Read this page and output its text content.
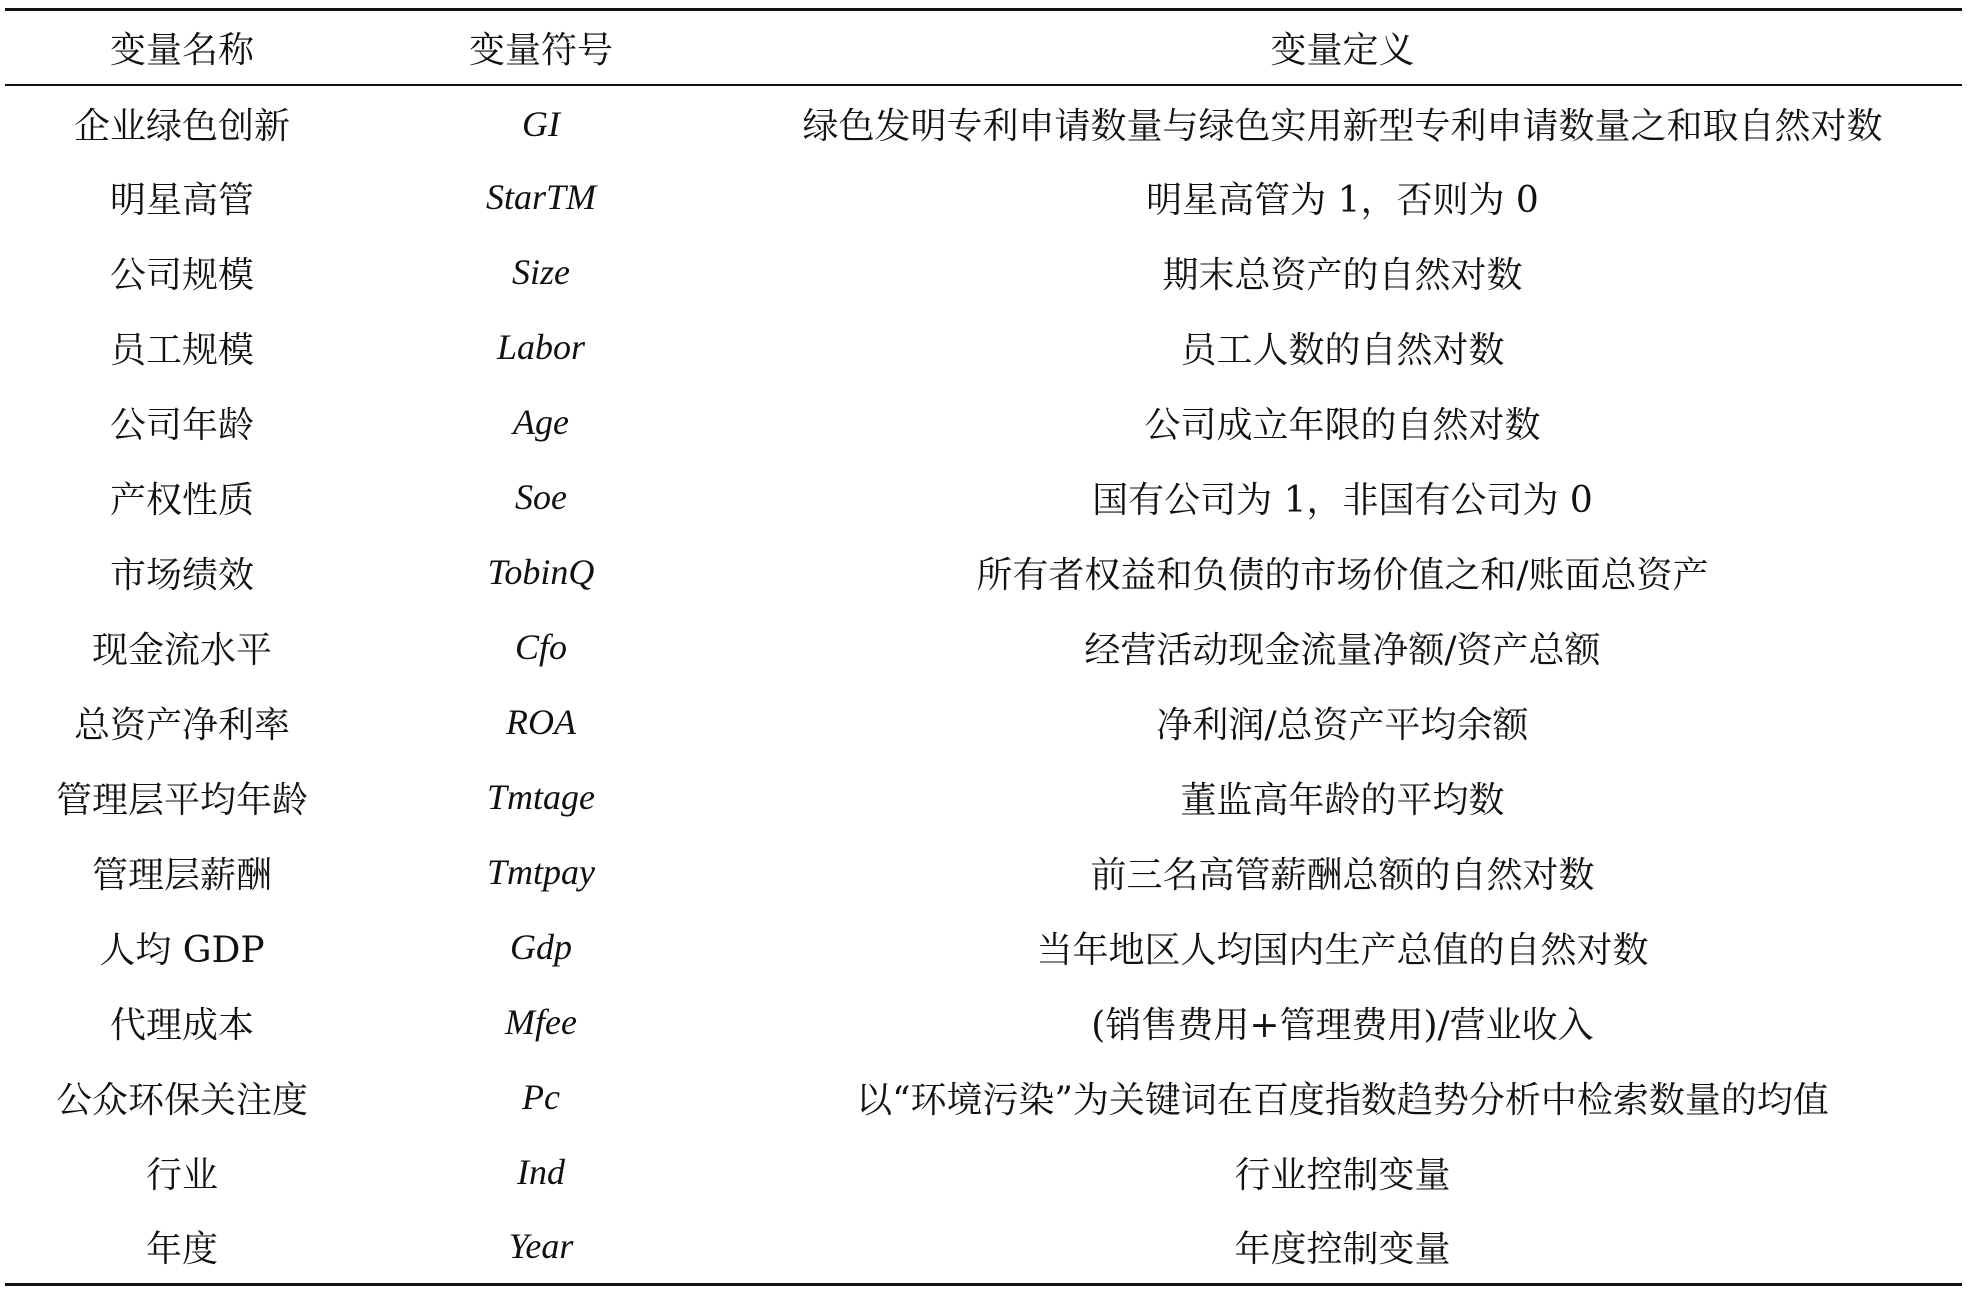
变量名称	变量符号	变量定义
企业绿色创新	GI	绿色发明专利申请数量与绿色实用新型专利申请数量之和取自然对数
明星高管	StarTM	明星高管为 1，否则为 0
公司规模	Size	期末总资产的自然对数
员工规模	Labor	员工人数的自然对数
公司年龄	Age	公司成立年限的自然对数
产权性质	Soe	国有公司为 1，非国有公司为 0
市场绩效	TobinQ	所有者权益和负债的市场价值之和/账面总资产
现金流水平	Cfo	经营活动现金流量净额/资产总额
总资产净利率	ROA	净利润/总资产平均余额
管理层平均年龄	Tmtage	董监高年龄的平均数
管理层薪酬	Tmtpay	前三名高管薪酬总额的自然对数
人均 GDP	Gdp	当年地区人均国内生产总值的自然对数
代理成本	Mfee	(销售费用+管理费用)/营业收入
公众环保关注度	Pc	以“环境污染”为关键词在百度指数趋势分析中检索数量的均值
行业	Ind	行业控制变量
年度	Year	年度控制变量
